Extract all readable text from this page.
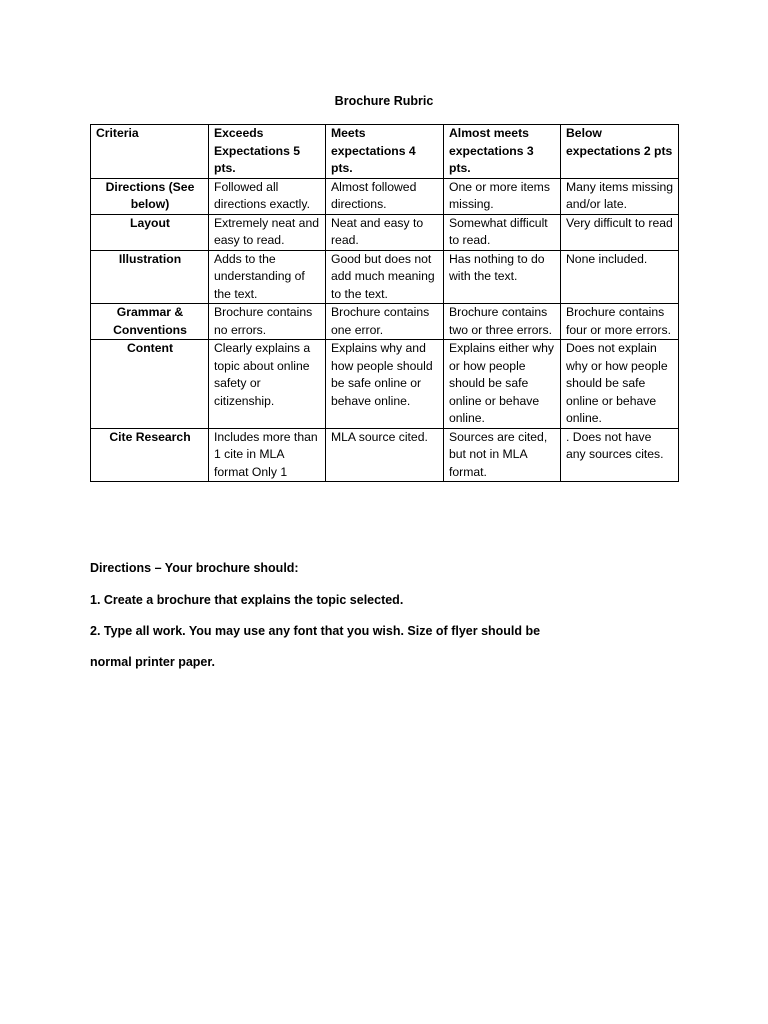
Brochure Rubric
Criteria	Exceeds Expectations 5 pts.	Meets expectations 4 pts.	Almost meets expectations 3 pts.	Below expectations 2 pts
Directions (See below)	Followed all directions exactly.	Almost followed directions.	One or more items missing.	Many items missing and/or late.
Layout	Extremely neat and easy to read.	Neat and easy to read.	Somewhat difficult to read.	Very difficult to read
Illustration	Adds to the understanding of the text.	Good but does not add much meaning to the text.	Has nothing to do with the text.	None included.
Grammar & Conventions	Brochure contains no errors.	Brochure contains one error.	Brochure contains two or three errors.	Brochure contains four or more errors.
Content	Clearly explains a topic about online safety or citizenship.	Explains why and how people should be safe online or behave online.	Explains either why or how people should be safe online or behave online.	Does not explain why or how people should be safe online or behave online.
Cite Research	Includes more than 1 cite in MLA format Only 1	MLA source cited.	Sources are cited, but not in MLA format.	. Does not have any sources cites.
Directions – Your brochure should:
1. Create a brochure that explains the topic selected.
2. Type all work. You may use any font that you wish. Size of flyer should be
normal printer paper.
